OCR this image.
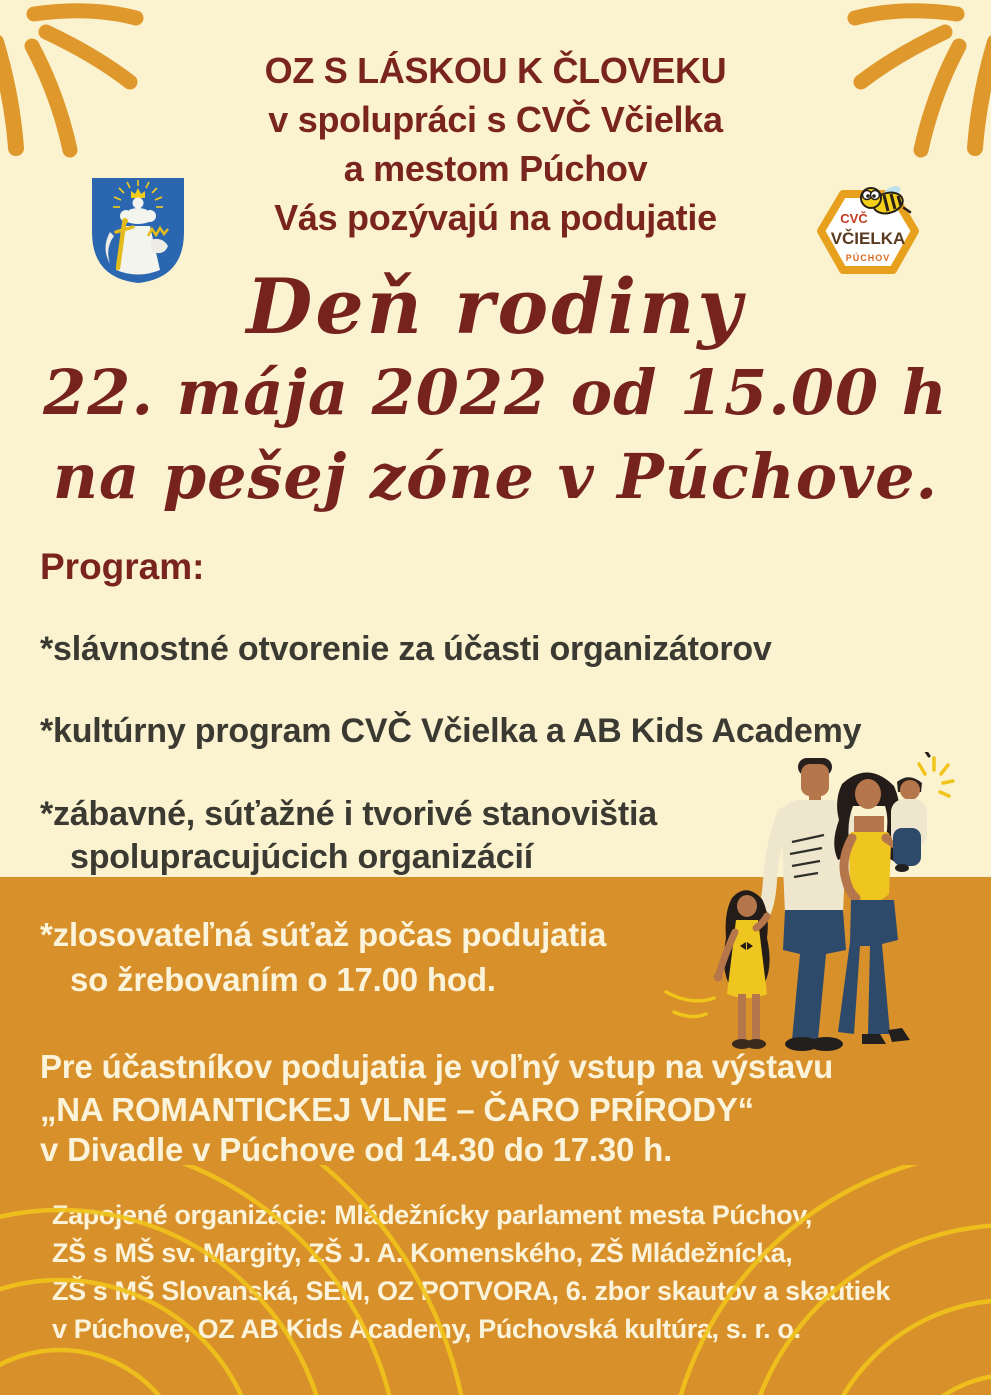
CVČ
VČIELKA
PÚCHOV
OZ S LÁSKOU K ČLOVEKU
v spolupráci s CVČ Včielka
a mestom Púchov
Vás pozývajú na podujatie
Deň rodiny
22. mája 2022 od 15.00 h
na pešej zóne v Púchove.
Program:
*slávnostné otvorenie za účasti organizátorov
*kultúrny program CVČ Včielka a AB Kids Academy
*zábavné, súťažné i tvorivé stanovištia
spolupracujúcich organizácií
*zlosovateľná súťaž počas podujatia
so žrebovaním o 17.00 hod.
Pre účastníkov podujatia je voľný vstup na výstavu
„NA ROMANTICKEJ VLNE – ČARO PRÍRODY“
v Divadle v Púchove od 14.30 do 17.30 h.
Zapojené organizácie: Mládežnícky parlament mesta Púchov,
ZŠ s MŠ sv. Margity, ZŠ J. A. Komenského, ZŠ Mládežnícka,
ZŠ s MŠ Slovanská, SEM, OZ POTVORA, 6. zbor skautov a skautiek
v Púchove, OZ AB Kids Academy, Púchovská kultúra, s. r. o.
